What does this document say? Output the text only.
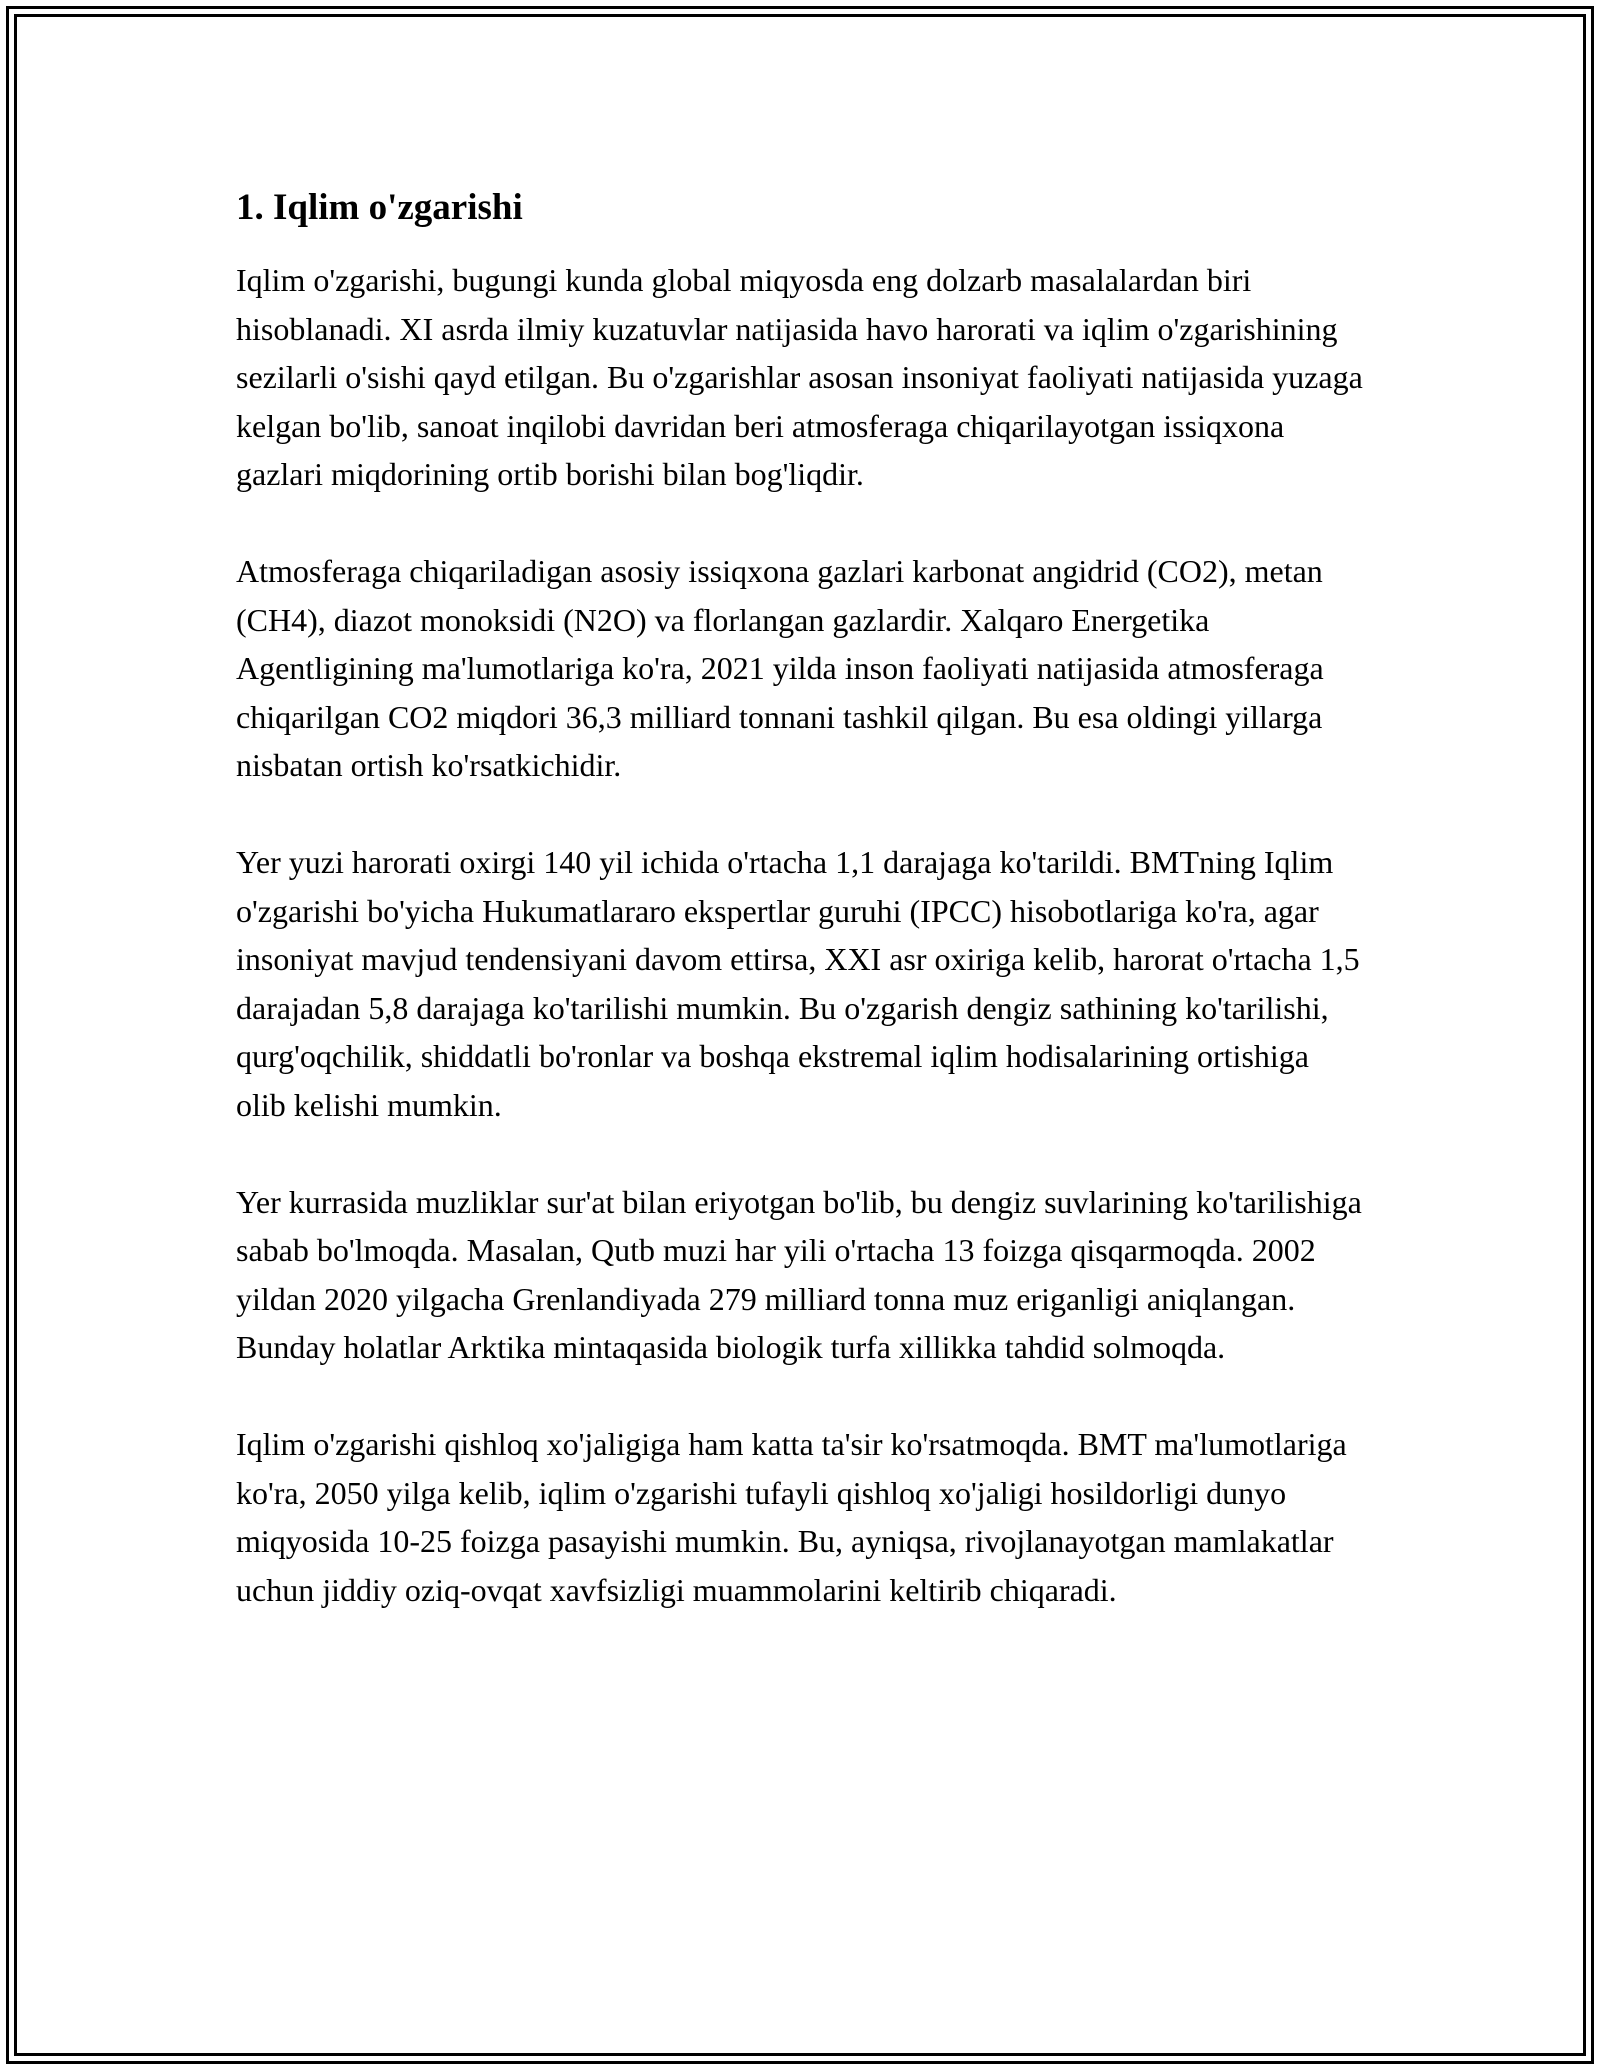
1. Iqlim o'zgarishi

Iqlim o'zgarishi, bugungi kunda global miqyosda eng dolzarb masalalardan biri hisoblanadi. XI asrda ilmiy kuzatuvlar natijasida havo harorati va iqlim o'zgarishining sezilarli o'sishi qayd etilgan. Bu o'zgarishlar asosan insoniyat faoliyati natijasida yuzaga kelgan bo'lib, sanoat inqilobi davridan beri atmosferaga chiqarilayotgan issiqxona gazlari miqdorining ortib borishi bilan bog'liqdir.

Atmosferaga chiqariladigan asosiy issiqxona gazlari karbonat angidrid (CO2), metan (CH4), diazot monoksidi (N2O) va florlangan gazlardir. Xalqaro Energetika Agentligining ma'lumotlariga ko'ra, 2021 yilda inson faoliyati natijasida atmosferaga chiqarilgan CO2 miqdori 36,3 milliard tonnani tashkil qilgan. Bu esa oldingi yillarga nisbatan ortish ko'rsatkichidir.

Yer yuzi harorati oxirgi 140 yil ichida o'rtacha 1,1 darajaga ko'tarildi. BMTning Iqlim o'zgarishi bo'yicha Hukumatlararo ekspertlar guruhi (IPCC) hisobotlariga ko'ra, agar insoniyat mavjud tendensiyani davom ettirsa, XXI asr oxiriga kelib, harorat o'rtacha 1,5 darajadan 5,8 darajaga ko'tarilishi mumkin. Bu o'zgarish dengiz sathining ko'tarilishi, qurg'oqchilik, shiddatli bo'ronlar va boshqa ekstremal iqlim hodisalarining ortishiga olib kelishi mumkin.

Yer kurrasida muzliklar sur'at bilan eriyotgan bo'lib, bu dengiz suvlarining ko'tarilishiga sabab bo'lmoqda. Masalan, Qutb muzi har yili o'rtacha 13 foizga qisqarmoqda. 2002 yildan 2020 yilgacha Grenlandiyada 279 milliard tonna muz eriganligi aniqlangan. Bunday holatlar Arktika mintaqasida biologik turfa xillikka tahdid solmoqda.

Iqlim o'zgarishi qishloq xo'jaligiga ham katta ta'sir ko'rsatmoqda. BMT ma'lumotlariga ko'ra, 2050 yilga kelib, iqlim o'zgarishi tufayli qishloq xo'jaligi hosildorligi dunyo miqyosida 10-25 foizga pasayishi mumkin. Bu, ayniqsa, rivojlanayotgan mamlakatlar uchun jiddiy oziq-ovqat xavfsizligi muammolarini keltirib chiqaradi.
